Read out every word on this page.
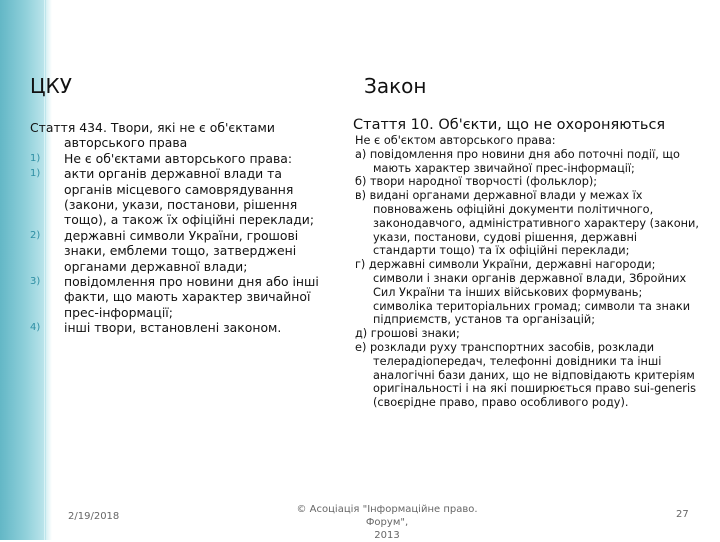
ЦКУ	Закон
Стаття 434. Твори, які не є об'єктами
авторського права
1)	Не є об'єктами авторського права:
1)	акти органів державної влади та органів місцевого самоврядування (закони, укази, постанови, рішення тощо), а також їх офіційні переклади;
2)	державні символи України, грошові знаки, емблеми тощо, затверджені органами державної влади;
3)	повідомлення про новини дня або інші факти, що мають характер звичайної прес-інформації;
4)	інші твори, встановлені законом.
Стаття 10. Об'єкти, що не охороняються
Не є об'єктом авторського права:
а) повідомлення про новини дня або поточні події, що мають характер звичайної прес-інформації;
б) твори народної творчості (фольклор);
в) видані органами державної влади у межах їх повноважень офіційні документи політичного, законодавчого, адміністративного характеру (закони, укази, постанови, судові рішення, державні стандарти тощо) та їх офіційні переклади;
г) державні символи України, державні нагороди; символи і знаки органів державної влади, Збройних Сил України та інших військових формувань; символіка територіальних громад; символи та знаки підприємств, установ та організацій;
д) грошові знаки;
е) розклади руху транспортних засобів, розклади телерадіопередач, телефонні довідники та інші аналогічні бази даних, що не відповідають критеріям оригінальності і на які поширюється право sui-generis (своєрідне право, право особливого роду).
2/19/2018
© Асоціація "Інформаційне право. Форум",
2013
27
